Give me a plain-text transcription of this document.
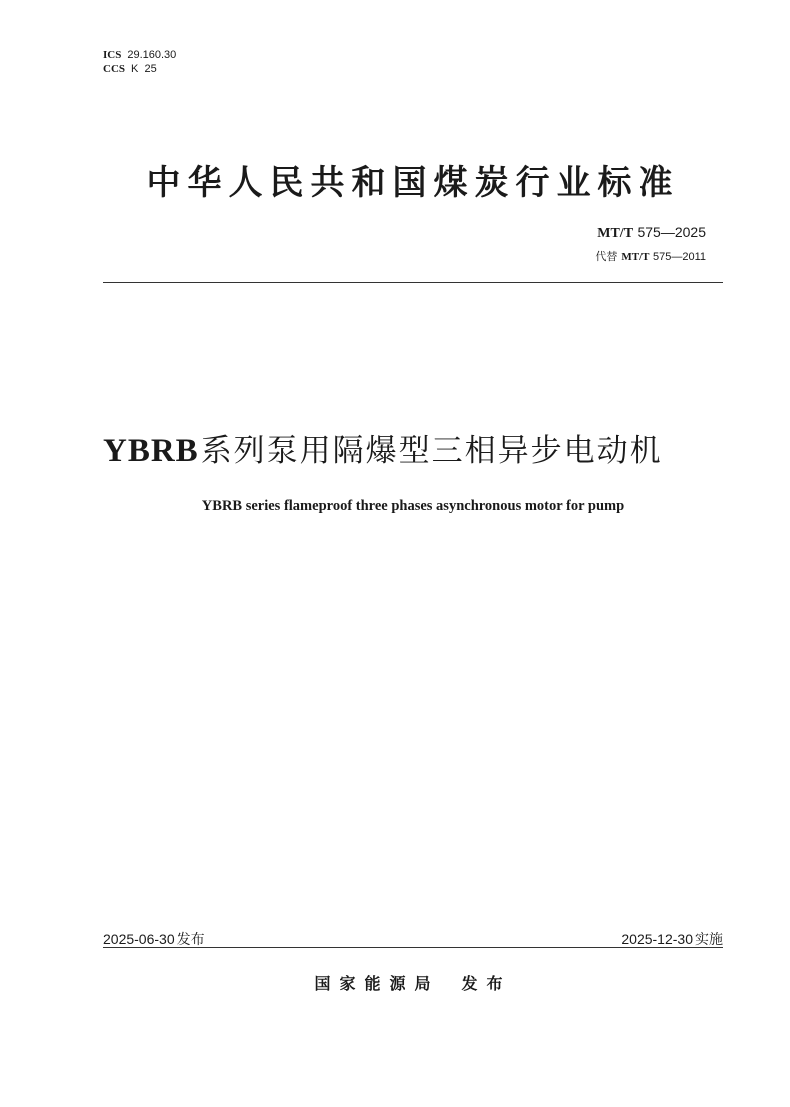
ICS 29.160.30
CCS K  25
中华人民共和国煤炭行业标准
MT/T 575—2025
代替 MT/T 575—2011
YBRB系列泵用隔爆型三相异步电动机
YBRB series flameproof three phases asynchronous motor for pump
2025-06-30 发布	2025-12-30 实施
国家能源局 发布
